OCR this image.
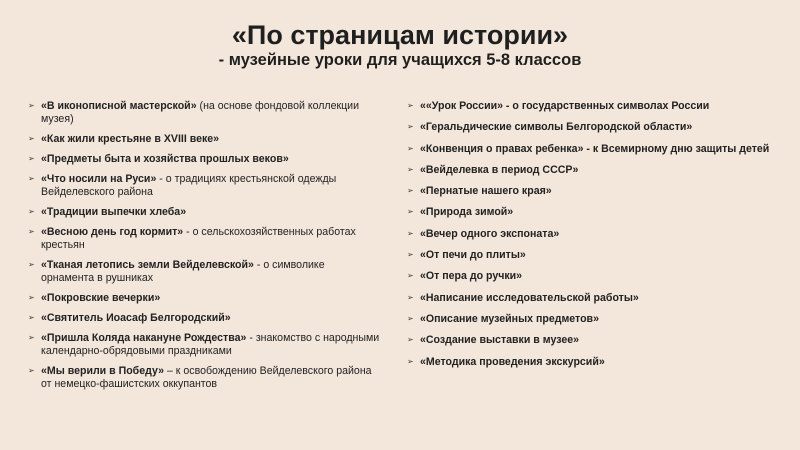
«По страницам истории»
- музейные уроки для учащихся 5-8 классов
➢ «В иконописной мастерской» (на основе фондовой коллекции музея)
➢ «Как жили крестьяне в XVIII веке»
➢ «Предметы быта и хозяйства прошлых веков»
➢ «Что носили на Руси» - о традициях крестьянской одежды Вейделевского района
➢ «Традиции выпечки хлеба»
➢ «Весною день год кормит» - о сельскохозяйственных работах крестьян
➢ «Тканая летопись земли Вейделевской» - о символике орнамента в рушниках
➢ «Покровские вечерки»
➢ «Святитель Иоасаф Белгородский»
➢ «Пришла Коляда накануне Рождества» - знакомство с народными календарно-обрядовыми праздниками
➢ «Мы верили в Победу» – к освобождению Вейделевского района от немецко-фашистских оккупантов
➢ ««Урок России» - о государственных символах России
➢ «Геральдические символы Белгородской области»
➢ «Конвенция о правах ребенка» - к Всемирному дню защиты детей
➢ «Вейделевка в период СССР»
➢ «Пернатые нашего края»
➢ «Природа зимой»
➢ «Вечер одного экспоната»
➢ «От печи до плиты»
➢ «От пера до ручки»
➢ «Написание исследовательской работы»
➢ «Описание музейных предметов»
➢ «Создание выставки в музее»
➢ «Методика проведения экскурсий»
